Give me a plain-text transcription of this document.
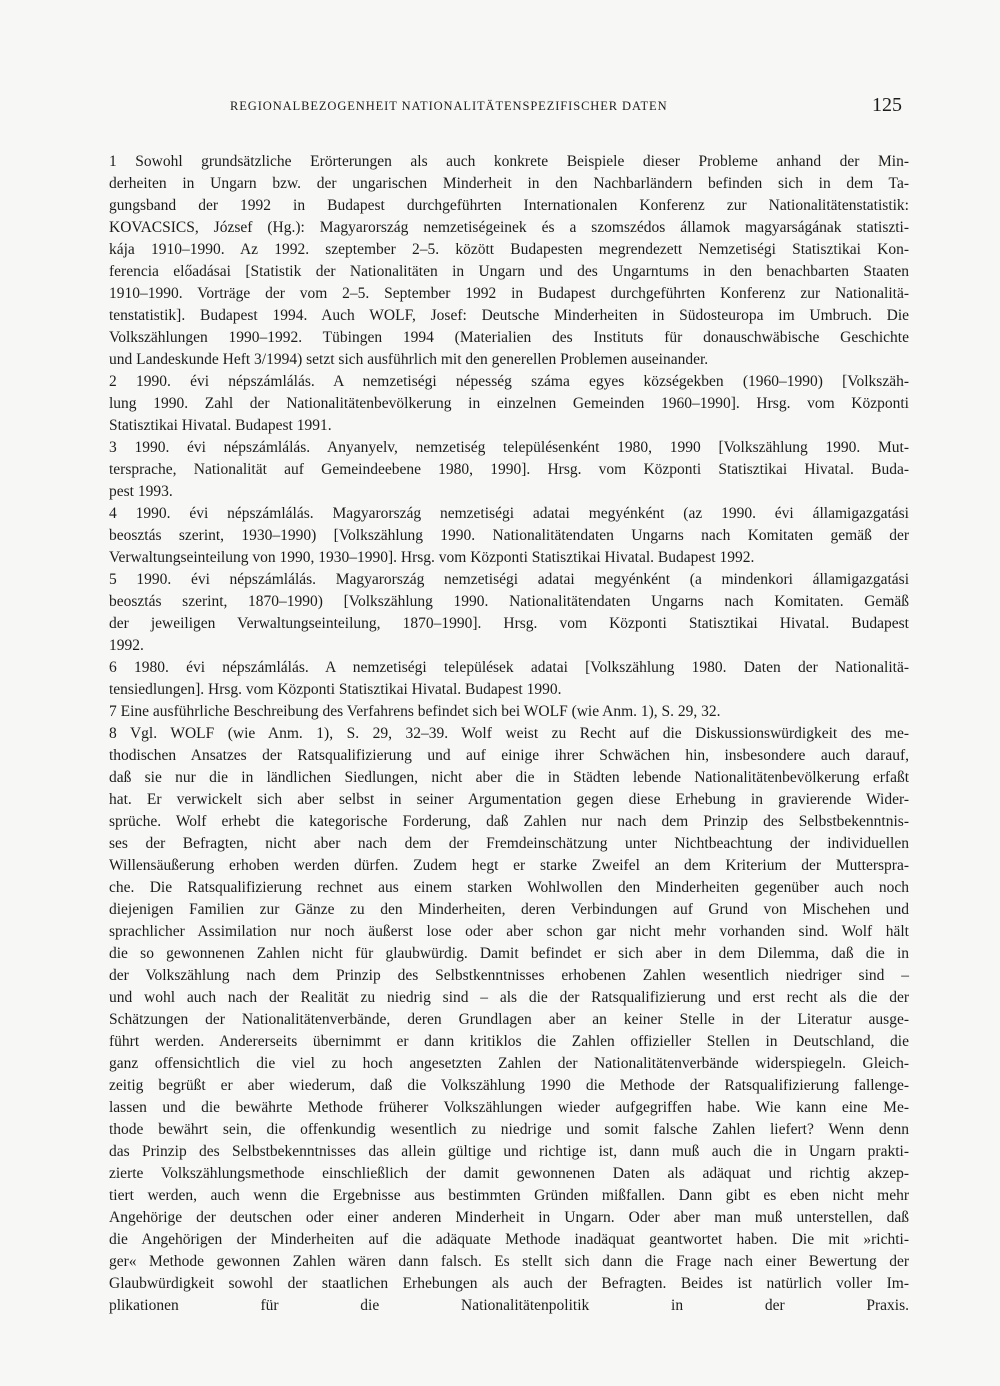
REGIONALBEZOGENHEIT NATIONALITÄTENSPEZIFISCHER DATEN	125
1 Sowohl grundsätzliche Erörterungen als auch konkrete Beispiele dieser Probleme anhand der Min-
derheiten in Ungarn bzw. der ungarischen Minderheit in den Nachbarländern befinden sich in dem Ta-
gungsband der 1992 in Budapest durchgeführten Internationalen Konferenz zur Nationalitätenstatistik:
KOVACSICS, József (Hg.): Magyarország nemzetiségeinek és a szomszédos államok magyarságának statiszti-
kája 1910–1990. Az 1992. szeptember 2–5. között Budapesten megrendezett Nemzetiségi Statisztikai Kon-
ferencia előadásai [Statistik der Nationalitäten in Ungarn und des Ungarntums in den benachbarten Staaten
1910–1990. Vorträge der vom 2–5. September 1992 in Budapest durchgeführten Konferenz zur Nationalitä-
tenstatistik]. Budapest 1994. Auch WOLF, Josef: Deutsche Minderheiten in Südosteuropa im Umbruch. Die
Volkszählungen 1990–1992. Tübingen 1994 (Materialien des Instituts für donauschwäbische Geschichte
und Landeskunde Heft 3/1994) setzt sich ausführlich mit den generellen Problemen auseinander.
2 1990. évi népszámlálás. A nemzetiségi népesség száma egyes községekben (1960–1990) [Volkszäh-
lung 1990. Zahl der Nationalitätenbevölkerung in einzelnen Gemeinden 1960–1990]. Hrsg. vom Központi
Statisztikai Hivatal. Budapest 1991.
3 1990. évi népszámlálás. Anyanyelv, nemzetiség településenként 1980, 1990 [Volkszählung 1990. Mut-
tersprache, Nationalität auf Gemeindeebene 1980, 1990]. Hrsg. vom Központi Statisztikai Hivatal. Buda-
pest 1993.
4 1990. évi népszámlálás. Magyarország nemzetiségi adatai megyénként (az 1990. évi államigazgatási
beosztás szerint, 1930–1990) [Volkszählung 1990. Nationalitätendaten Ungarns nach Komitaten gemäß der
Verwaltungseinteilung von 1990, 1930–1990]. Hrsg. vom Központi Statisztikai Hivatal. Budapest 1992.
5 1990. évi népszámlálás. Magyarország nemzetiségi adatai megyénként (a mindenkori államigazgatási
beosztás szerint, 1870–1990) [Volkszählung 1990. Nationalitätendaten Ungarns nach Komitaten. Gemäß
der jeweiligen Verwaltungseinteilung, 1870–1990]. Hrsg. vom Központi Statisztikai Hivatal. Budapest
1992.
6 1980. évi népszámlálás. A nemzetiségi települések adatai [Volkszählung 1980. Daten der Nationalitä-
tensiedlungen]. Hrsg. vom Központi Statisztikai Hivatal. Budapest 1990.
7 Eine ausführliche Beschreibung des Verfahrens befindet sich bei WOLF (wie Anm. 1), S. 29, 32.
8 Vgl. WOLF (wie Anm. 1), S. 29, 32–39. Wolf weist zu Recht auf die Diskussionswürdigkeit des me-
thodischen Ansatzes der Ratsqualifizierung und auf einige ihrer Schwächen hin, insbesondere auch darauf,
daß sie nur die in ländlichen Siedlungen, nicht aber die in Städten lebende Nationalitätenbevölkerung erfaßt
hat. Er verwickelt sich aber selbst in seiner Argumentation gegen diese Erhebung in gravierende Wider-
sprüche. Wolf erhebt die kategorische Forderung, daß Zahlen nur nach dem Prinzip des Selbstbekenntnis-
ses der Befragten, nicht aber nach dem der Fremdeinschätzung unter Nichtbeachtung der individuellen
Willensäußerung erhoben werden dürfen. Zudem hegt er starke Zweifel an dem Kriterium der Mutterspra-
che. Die Ratsqualifizierung rechnet aus einem starken Wohlwollen den Minderheiten gegenüber auch noch
diejenigen Familien zur Gänze zu den Minderheiten, deren Verbindungen auf Grund von Mischehen und
sprachlicher Assimilation nur noch äußerst lose oder aber schon gar nicht mehr vorhanden sind. Wolf hält
die so gewonnenen Zahlen nicht für glaubwürdig. Damit befindet er sich aber in dem Dilemma, daß die in
der Volkszählung nach dem Prinzip des Selbstkenntnisses erhobenen Zahlen wesentlich niedriger sind –
und wohl auch nach der Realität zu niedrig sind – als die der Ratsqualifizierung und erst recht als die der
Schätzungen der Nationalitätenverbände, deren Grundlagen aber an keiner Stelle in der Literatur ausge-
führt werden. Andererseits übernimmt er dann kritiklos die Zahlen offizieller Stellen in Deutschland, die
ganz offensichtlich die viel zu hoch angesetzten Zahlen der Nationalitätenverbände widerspiegeln. Gleich-
zeitig begrüßt er aber wiederum, daß die Volkszählung 1990 die Methode der Ratsqualifizierung fallenge-
lassen und die bewährte Methode früherer Volkszählungen wieder aufgegriffen habe. Wie kann eine Me-
thode bewährt sein, die offenkundig wesentlich zu niedrige und somit falsche Zahlen liefert? Wenn denn
das Prinzip des Selbstbekenntnisses das allein gültige und richtige ist, dann muß auch die in Ungarn prakti-
zierte Volkszählungsmethode einschließlich der damit gewonnenen Daten als adäquat und richtig akzep-
tiert werden, auch wenn die Ergebnisse aus bestimmten Gründen mißfallen. Dann gibt es eben nicht mehr
Angehörige der deutschen oder einer anderen Minderheit in Ungarn. Oder aber man muß unterstellen, daß
die Angehörigen der Minderheiten auf die adäquate Methode inadäquat geantwortet haben. Die mit »richti-
ger« Methode gewonnen Zahlen wären dann falsch. Es stellt sich dann die Frage nach einer Bewertung der
Glaubwürdigkeit sowohl der staatlichen Erhebungen als auch der Befragten. Beides ist natürlich voller Im-
plikationen für die Nationalitätenpolitik in der Praxis.
